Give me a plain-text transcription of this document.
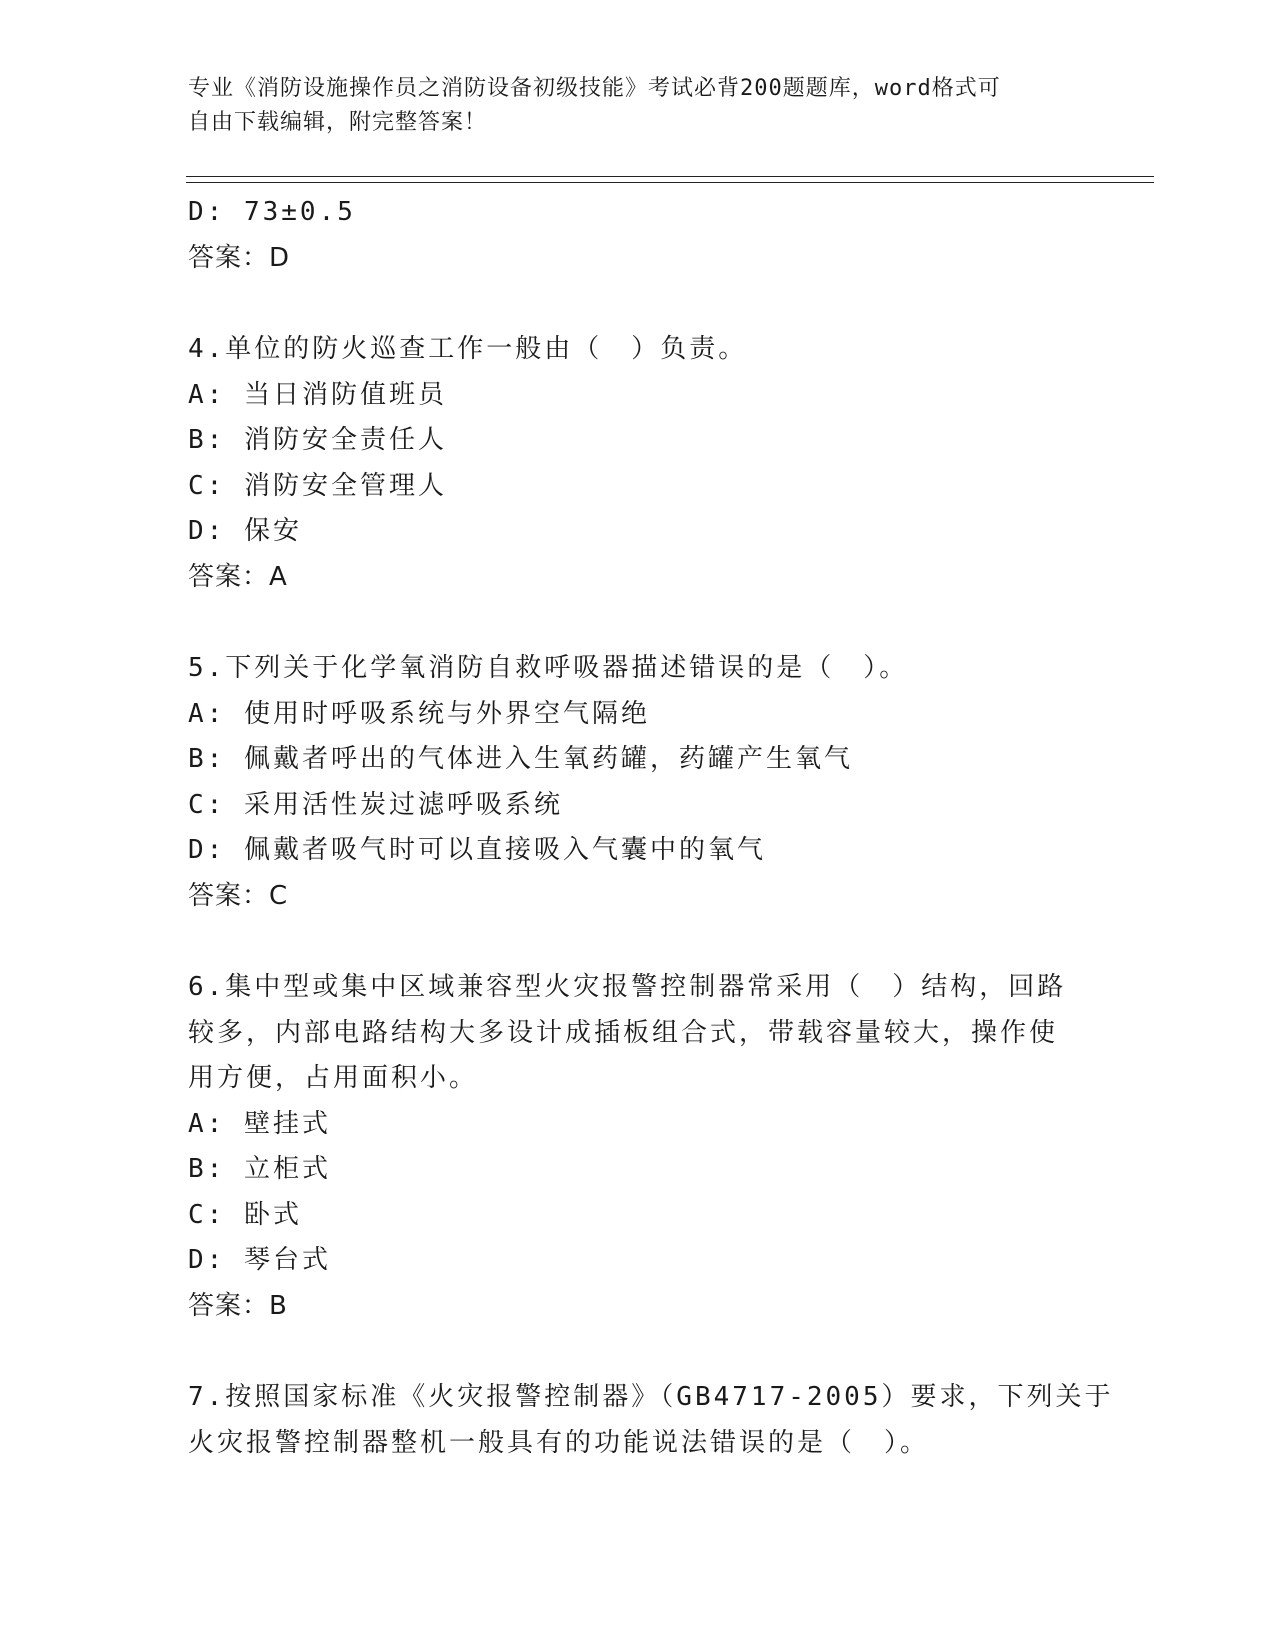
专业《消防设施操作员之消防设备初级技能》考试必背200题题库，word格式可
自由下载编辑，附完整答案！
D: 73±0.5
答案：D
4.单位的防火巡查工作一般由（　）负责。
A: 当日消防值班员
B: 消防安全责任人
C: 消防安全管理人
D: 保安
答案：A
5.下列关于化学氧消防自救呼吸器描述错误的是（　）。
A: 使用时呼吸系统与外界空气隔绝
B: 佩戴者呼出的气体进入生氧药罐，药罐产生氧气
C: 采用活性炭过滤呼吸系统
D: 佩戴者吸气时可以直接吸入气囊中的氧气
答案：C
6.集中型或集中区域兼容型火灾报警控制器常采用（　）结构，回路
较多，内部电路结构大多设计成插板组合式，带载容量较大，操作使
用方便，占用面积小。
A: 壁挂式
B: 立柜式
C: 卧式
D: 琴台式
答案：B
7.按照国家标准《火灾报警控制器》（GB4717-2005）要求，下列关于
火灾报警控制器整机一般具有的功能说法错误的是（　）。
